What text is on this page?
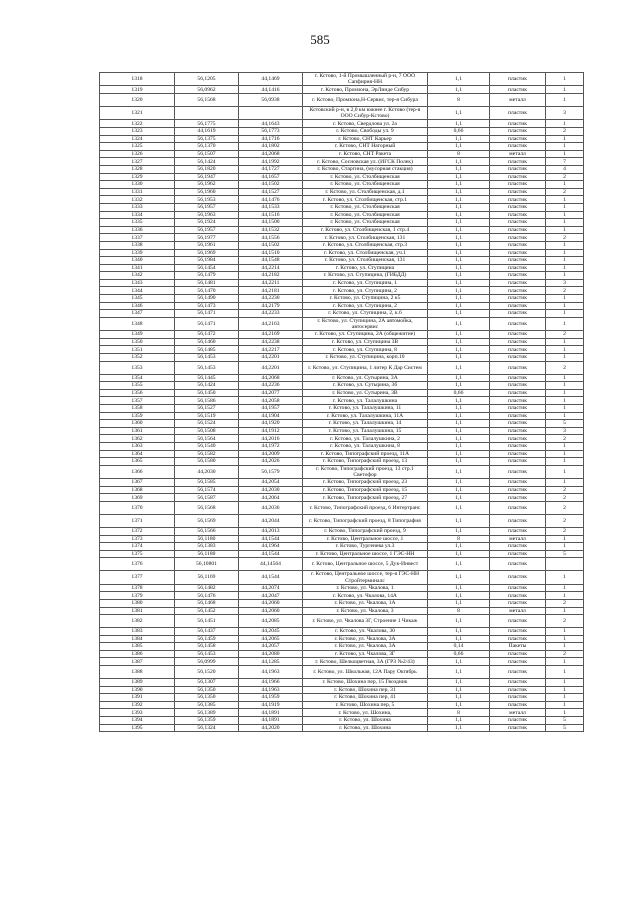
585
1318	56,1205	44,1469	г. Кстово, 1-й Промышленный р-н, 7 ООО Сапфирия-НН	1,1	пластик	1
1319	56,0962	44,1416	г. Кстово, Промзона, ЭрЛинде Сибур	1,1	пластик	1
1320	56,1568	56,0938	г. Кстово, Промзона,Н-Сервис, тер-я Сибура	8	металл	1
1321			Кстовский р-н, в 2,0 км южнее г. Кстово (тер-я ООО Сибур-Кстово)	1,1	пластик	3
1322	56,1775	44,1643	г. Кстово, Свердлова ул. 2а	1,1	пластик	1
1323	44,1619	56,1773	г. Кстово, Свободы ул. 9	0,66	пластик	2
1324	56,1375	44,1716	г. Кстово, СНТ Карьер	1,1	пластик	1
1325	56,1370	44,1802	г. Кстово, СНТ Нагорный	1,1	пластик	1
1326	56,1507	44,2068	г. Кстово, СНТ Ракета	8	металл	1
1327	56,1424	44,1992	г. Кстово, Сосновская ул. (ИГСК Полек)	1,1	пластик	7
1328	56,1820	44,1727	г. Кстово, Старгина, (мусорная стакция)	1,1	пластик	4
1329	56,1947	44,1657	г. Кстово, ул. Столбищенская	1,1	пластик	2
1330	56,1962	44,1502	г. Кстово, ул. Столбищенская	1,1	пластик	1
1331	56,1960	44,1527	г. Кстово, ул. Столбищенская, д.1	1,1	пластик	2
1332	56,1953	44,1476	г. Кстово, ул. Столбищенская, стр.1	1,1	пластик	1
1333	56,1957	44,1533	г. Кстово, ул. Столбищенская	1,1	пластик	1
1334	56,1963	44,1516	г. Кстово, ул. Столбищенская	1,1	пластик	1
1335	56,1924	44,1500	г. Кстово, ул. Столбищенская	1,1	пластик	1
1336	56,1957	44,1532	г. Кстово, ул. Столбищенская, 1 стр.4	1,1	пластик	1
1337	56,1977	44,1556	г. Кстово, ул. Столбищенская, 131	1,1	пластик	2
1338	56,1961	44,1502	г. Кстово, ул. Столбищенская, стр.3	1,1	пластик	1
1339	56,1969	44,1510	г. Кстово, ул. Столбищенская, уч.1	1,1	пластик	1
1340	56,1984	44,1548	г. Кстово, ул. Столбищенская, 131	1,1	пластик	1
1341	56,1454	44,2214	г. Кстово, ул. Ступицина	1,1	пластик	1
1342	56,1479	44,2182	г. Кстово, ул. Ступицина, (ГИБДД)	1,1	пластик	1
1343	56,1481	44,2211	г. Кстово, ул. Ступицина, 1	1,1	пластик	3
1344	56,1470	44,2181	г. Кстово, ул. Ступицина, 2	1,1	пластик	2
1345	56,1490	44,2230	г. Кстово, ул. Ступицина, 2 к5	1,1	пластик	1
1346	56,1473	44,2179	г. Кстово, ул. Ступицина, 2	1,1	пластик	1
1347	56,1471	44,2233	г. Кстово, ул. Ступицина, 2, к.6	1,1	пластик	1
1348	56,1471	44,2163	г. Кстово, ул. Ступицина, 2А автомойка, автосервис	1,1	пластик	1
1349	56,1472	44,2169	г. Кстово, ул. Ступицина, 2А (общежитие)	1,1	пластик	2
1350	56,1460	44,2238	г. Кстово, ул. Ступицина 3В	1,1	пластик	1
1351	56,1485	44,2217	г. Кстово, ул. Ступицина, 8	1,1	пластик	1
1352	56,1453	44,2201	г. Кстово, ул. Ступицина, корп.10	1,1	пластик	1
1353	56,1453	44,2201	г. Кстово, ул. Ступицина, 1 литер К Дар Систем	1,1	пластик	2
1354	56,1445	44,2068	г. Кстово, ул. Сутырина, 3А	1,1	пластик	1
1355	56,1424	44,2236	г. Кстово, ул. Сутырина, 3б	1,1	пластик	1
1356	56,1450	44,2077	г. Кстово, ул. Сутырина, 3В	0,66	пластик	1
1357	56,1586	44,2058	г. Кстово, ул. Талалушкина	1,1	пластик	1
1358	56,1527	44,1957	г. Кстово, ул. Талалушкина, 11	1,1	пластик	1
1359	56,1519	44,1904	г. Кстово, ул. Талалушкина, 11А	1,1	пластик	1
1360	56,1524	44,1920	г. Кстово, ул. Талалушкина, 14	1,1	пластик	5
1361	56,1508	44,1912	г. Кстово, ул. Талалушкина, 15	1,1	пластик	3
1362	56,1564	44,2016	г. Кстово, ул. Талалушкина, 2	1,1	пластик	2
1363	56,1540	44,1972	г. Кстово, ул. Талалушкина, 8	1,1	пластик	1
1364	56,1582	44,2009	г. Кстово, Типографский проезд, 11А	1,1	пластик	1
1365	56,1580	44,2026	г. Кстово, Типографский проезд, 13	1,1	пластик	1
1366	44,2030	56,1579	г. Кстово, Типографский проезд, 13 стр.1 Светофор	1,1	пластик	1
1367	56,1585	44,2054	г. Кстово, Типографский проезд, 23	1,1	пластик	1
1368	56,1574	44,2030	г. Кстово, Типографский проезд, 15	1,1	пластик	2
1369	56,1587	44,2064	г. Кстово, Типографский проезд, 27	1,1	пластик	2
1370	56,1568	44,2036	г. Кстово, Типографский проезд, 6 Интертранс	1,1	пластик	2
1371	56,1569	44,2044	г. Кстово, Типографский проезд, 8 Типография	1,1	пластик	2
1372	56,1566	44,2013	г. Кстово, Типографский проезд, 9	1,1	пластик	2
1373	56,1180	44,1544	г. Кстово, Центральное шоссе, 1	8	металл	1
1374	56,1383	44,1964	г. Кстово, Тургенева ул.3	1,1	пластик	1
1375	56,1180	44,1544	г. Кстово, Центральное шоссе, 1 ГЭС-НН	1,1	пластик	5
1376	56,10801	44,14564	г. Кстово, Центральное шоссе, 5 Дук-Инвест	1,1	пластик	
1377	56,1169	44,1544	г. Кстово, Центральное шоссе, тер-я ГЭС-НН Стройтерминалс	1,1	пластик	1
1378	56,1482	44,2074	г. Кстово, ул. Чкалова, 1	1,1	пластик	1
1379	56,1476	44,2047	г. Кстово, ул. Чкалова, 14А	1,1	пластик	1
1380	56,1468	44,2060	г. Кстово, ул. Чкалова, 1А	1,1	пластик	2
1381	56,1452	44,2060	г. Кстово, ул. Чкалова, 3	8	металл	1
1382	56,1451	44,2085	г. Кстово, ул. Чкалова 3Г, Строение 1 Чикаж	1,1	пластик	2
1383	56,1437	44,2045	г. Кстово, ул. Чкалова, 30	1,1	пластик	1
1384	56,1459	44,2065	г. Кстово, ул. Чкалова, 3А	1,1	пластик	1
1385	56,1458	44,2057	г. Кстово, ул. Чкалова, 3А	0,14	Пакеты	1
1386	56,1453	44,2080	г. Кстово, ул. Чкалова, 3Г	0,66	пластик	2
1387	56,0999	44,1285	г. Кстово, Шелкоцветная, 3А (ГРЗ №2/43)	1,1	пластик	1
1388	56,1520	44,1963	г. Кстово, ул. Школьная, 12А Пару Октябрь	1,1	пластик	1
1389	56,1307	44,1966	г. Кстово, Шохина пер, 15 Гвоздник	1,1	пластик	1
1390	56,1350	44,1963	г. Кстово, Шохина пер, 31	1,1	пластик	1
1391	56,1350	44,1959	г. Кстово, Шохина пер, 41	1,1	пластик	1
1392	56,1385	44,1919	г. Кстово, Шохина пер, 5	1,1	пластик	1
1393	56,1389	44,1891	г. Кстово, ул. Шохина,	8	металл	1
1394	56,1359	44,1891	г. Кстово, ул. Шохина	1,1	пластик	5
1395	56,1324	44,2020	г. Кстово, ул. Шохина	1,1	пластик	5
